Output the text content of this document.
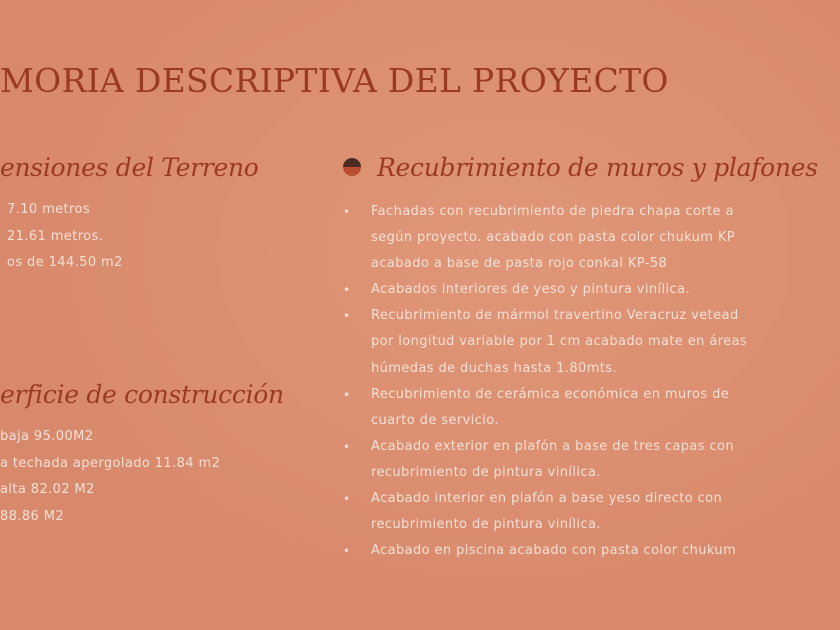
MORIA DESCRIPTIVA DEL PROYECTO
ensiones del Terreno
7.10 metros
21.61 metros.
os de 144.50 m2
erficie de construcción
baja 95.00M2
a techada apergolado 11.84 m2
alta 82.02 M2
88.86 M2
Recubrimiento de muros y plafones
• Fachadas con recubrimiento de piedra chapa corte a
según proyecto. acabado con pasta color chukum KP
acabado a base de pasta rojo conkal KP-58
• Acabados interiores de yeso y pintura vinílica.
• Recubrimiento de mármol travertino Veracruz vetead
por longitud variable por 1 cm acabado mate en áreas
húmedas de duchas hasta 1.80mts.
• Recubrimiento de cerámica económica en muros de
cuarto de servicio.
• Acabado exterior en plafón a base de tres capas con
recubrimiento de pintura vinílica.
• Acabado interior en plafón a base yeso directo con
recubrimiento de pintura vinílica.
• Acabado en piscina acabado con pasta color chukum
